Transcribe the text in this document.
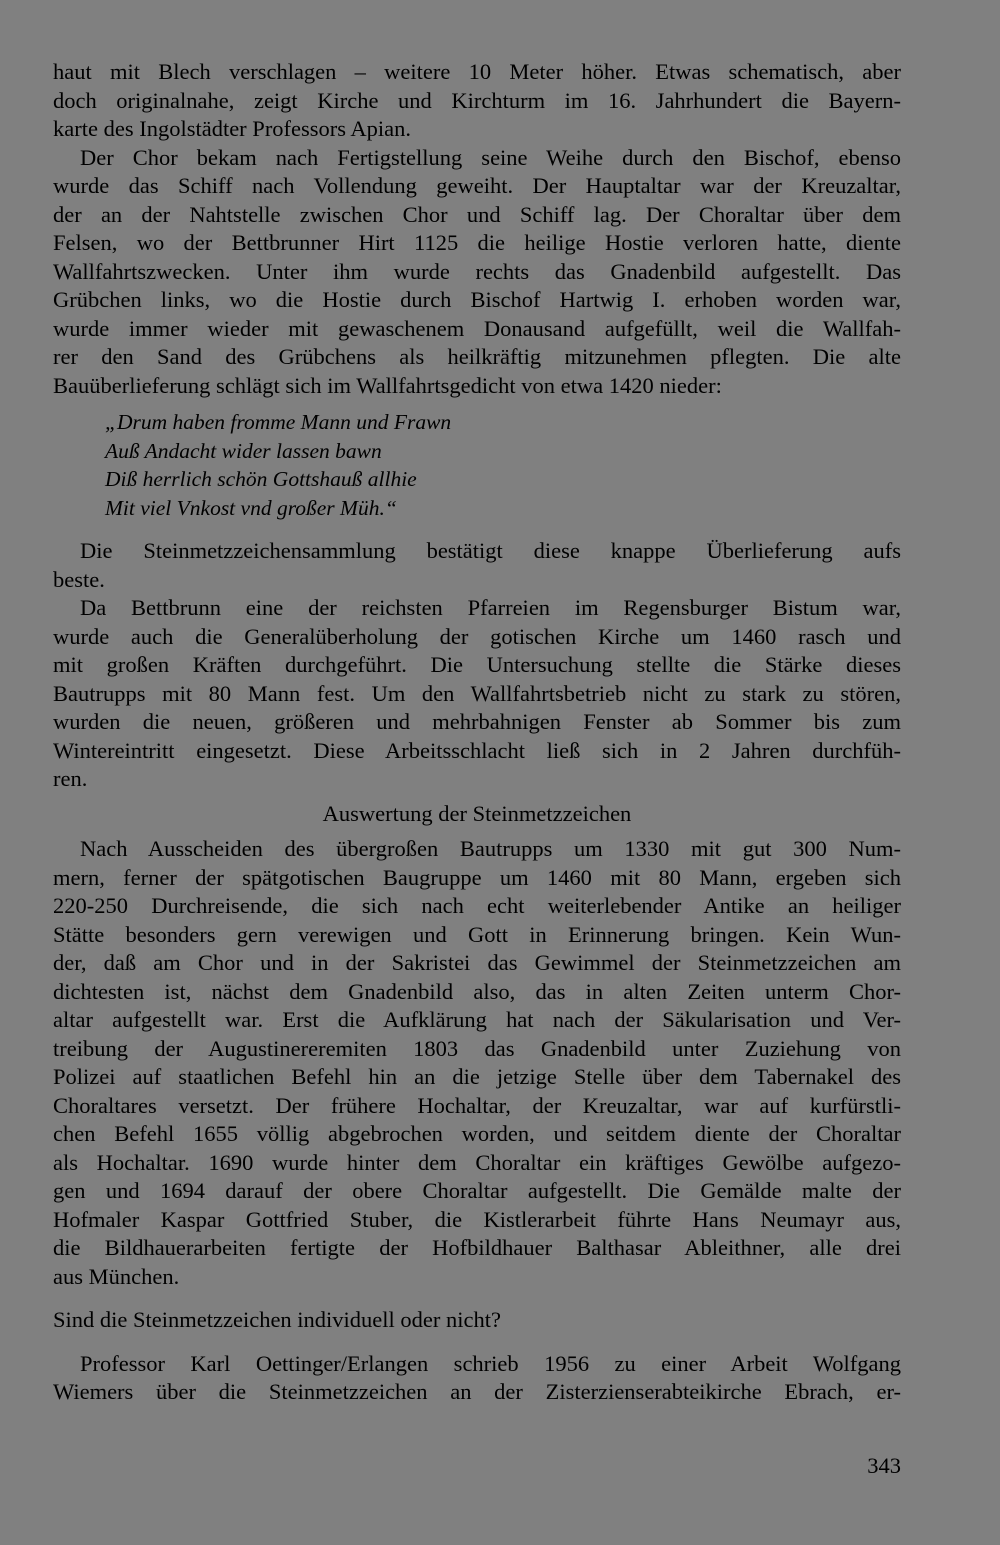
haut mit Blech verschlagen – weitere 10 Meter höher. Etwas schematisch, aber
doch originalnahe, zeigt Kirche und Kirchturm im 16. Jahrhundert die Bayern-
karte des Ingolstädter Professors Apian.
Der Chor bekam nach Fertigstellung seine Weihe durch den Bischof, ebenso
wurde das Schiff nach Vollendung geweiht. Der Hauptaltar war der Kreuzaltar,
der an der Nahtstelle zwischen Chor und Schiff lag. Der Choraltar über dem
Felsen, wo der Bettbrunner Hirt 1125 die heilige Hostie verloren hatte, diente
Wallfahrtszwecken. Unter ihm wurde rechts das Gnadenbild aufgestellt. Das
Grübchen links, wo die Hostie durch Bischof Hartwig I. erhoben worden war,
wurde immer wieder mit gewaschenem Donausand aufgefüllt, weil die Wallfah-
rer den Sand des Grübchens als heilkräftig mitzunehmen pflegten. Die alte
Bauüberlieferung schlägt sich im Wallfahrtsgedicht von etwa 1420 nieder:
„Drum haben fromme Mann und Frawn
Auß Andacht wider lassen bawn
Diß herrlich schön Gottshauß allhie
Mit viel Vnkost vnd großer Müh.“
Die Steinmetzzeichensammlung bestätigt diese knappe Überlieferung aufs
beste.
Da Bettbrunn eine der reichsten Pfarreien im Regensburger Bistum war,
wurde auch die Generalüberholung der gotischen Kirche um 1460 rasch und
mit großen Kräften durchgeführt. Die Untersuchung stellte die Stärke dieses
Bautrupps mit 80 Mann fest. Um den Wallfahrtsbetrieb nicht zu stark zu stören,
wurden die neuen, größeren und mehrbahnigen Fenster ab Sommer bis zum
Wintereintritt eingesetzt. Diese Arbeitsschlacht ließ sich in 2 Jahren durchfüh-
ren.
Auswertung der Steinmetzzeichen
Nach Ausscheiden des übergroßen Bautrupps um 1330 mit gut 300 Num-
mern, ferner der spätgotischen Baugruppe um 1460 mit 80 Mann, ergeben sich
220-250 Durchreisende, die sich nach echt weiterlebender Antike an heiliger
Stätte besonders gern verewigen und Gott in Erinnerung bringen. Kein Wun-
der, daß am Chor und in der Sakristei das Gewimmel der Steinmetzzeichen am
dichtesten ist, nächst dem Gnadenbild also, das in alten Zeiten unterm Chor-
altar aufgestellt war. Erst die Aufklärung hat nach der Säkularisation und Ver-
treibung der Augustinereremiten 1803 das Gnadenbild unter Zuziehung von
Polizei auf staatlichen Befehl hin an die jetzige Stelle über dem Tabernakel des
Choraltares versetzt. Der frühere Hochaltar, der Kreuzaltar, war auf kurfürstli-
chen Befehl 1655 völlig abgebrochen worden, und seitdem diente der Choraltar
als Hochaltar. 1690 wurde hinter dem Choraltar ein kräftiges Gewölbe aufgezo-
gen und 1694 darauf der obere Choraltar aufgestellt. Die Gemälde malte der
Hofmaler Kaspar Gottfried Stuber, die Kistlerarbeit führte Hans Neumayr aus,
die Bildhauerarbeiten fertigte der Hofbildhauer Balthasar Ableithner, alle drei
aus München.
Sind die Steinmetzzeichen individuell oder nicht?
Professor Karl Oettinger/Erlangen schrieb 1956 zu einer Arbeit Wolfgang
Wiemers über die Steinmetzzeichen an der Zisterzienserabteikirche Ebrach, er-
343
